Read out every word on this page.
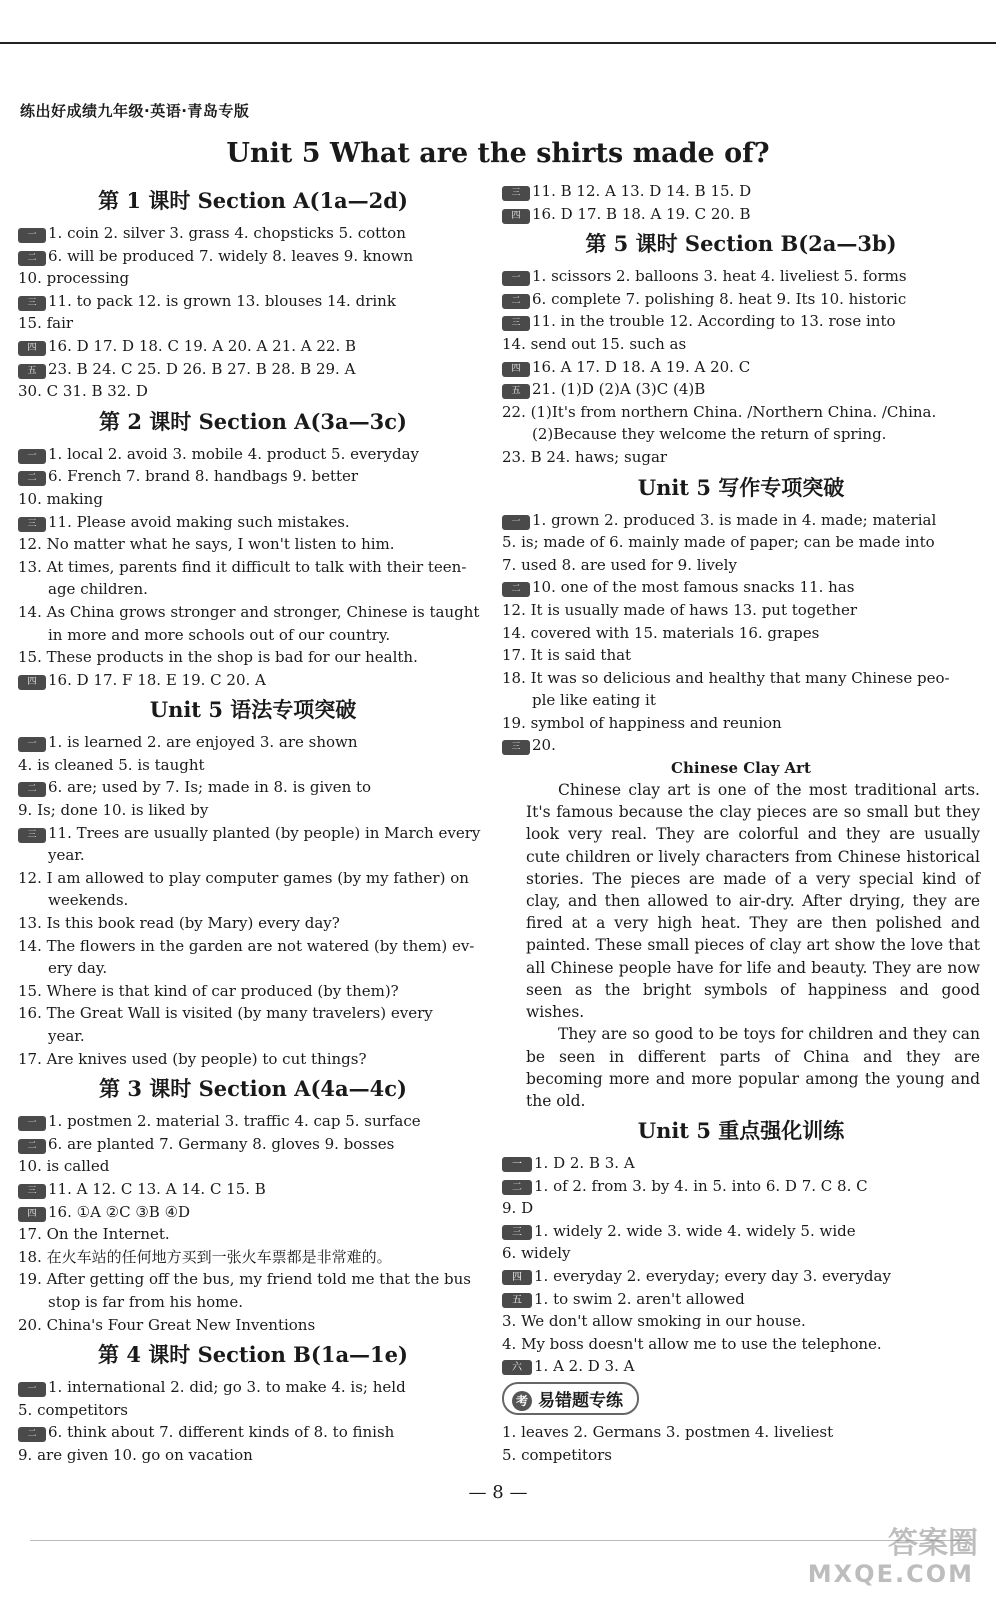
练出好成绩九年级·英语·青岛专版
Unit 5 What are the shirts made of?
第 1 课时 Section A(1a—2d)
一 1. coin 2. silver 3. grass 4. chopsticks 5. cotton
二 6. will be produced 7. widely 8. leaves 9. known
10. processing
三 11. to pack 12. is grown 13. blouses 14. drink
15. fair
四 16. D 17. D 18. C 19. A 20. A 21. A 22. B
五 23. B 24. C 25. D 26. B 27. B 28. B 29. A
30. C 31. B 32. D
第 2 课时 Section A(3a—3c)
一 1. local 2. avoid 3. mobile 4. product 5. everyday
二 6. French 7. brand 8. handbags 9. better
10. making
三 11. Please avoid making such mistakes.
12. No matter what he says, I won't listen to him.
13. At times, parents find it difficult to talk with their teen-
age children.
14. As China grows stronger and stronger, Chinese is taught
in more and more schools out of our country.
15. These products in the shop is bad for our health.
四 16. D 17. F 18. E 19. C 20. A
Unit 5 语法专项突破
一 1. is learned 2. are enjoyed 3. are shown
4. is cleaned 5. is taught
二 6. are; used by 7. Is; made in 8. is given to
9. Is; done 10. is liked by
三 11. Trees are usually planted (by people) in March every
year.
12. I am allowed to play computer games (by my father) on
weekends.
13. Is this book read (by Mary) every day?
14. The flowers in the garden are not watered (by them) ev-
ery day.
15. Where is that kind of car produced (by them)?
16. The Great Wall is visited (by many travelers) every
year.
17. Are knives used (by people) to cut things?
第 3 课时 Section A(4a—4c)
一 1. postmen 2. material 3. traffic 4. cap 5. surface
二 6. are planted 7. Germany 8. gloves 9. bosses
10. is called
三 11. A 12. C 13. A 14. C 15. B
四 16. ①A ②C ③B ④D
17. On the Internet.
18. 在火车站的任何地方买到一张火车票都是非常难的。
19. After getting off the bus, my friend told me that the bus
stop is far from his home.
20. China's Four Great New Inventions
第 4 课时 Section B(1a—1e)
一 1. international 2. did; go 3. to make 4. is; held
5. competitors
二 6. think about 7. different kinds of 8. to finish
9. are given 10. go on vacation
三 11. B 12. A 13. D 14. B 15. D
四 16. D 17. B 18. A 19. C 20. B
第 5 课时 Section B(2a—3b)
一 1. scissors 2. balloons 3. heat 4. liveliest 5. forms
二 6. complete 7. polishing 8. heat 9. Its 10. historic
三 11. in the trouble 12. According to 13. rose into
14. send out 15. such as
四 16. A 17. D 18. A 19. A 20. C
五 21. (1)D (2)A (3)C (4)B
22. (1)It's from northern China. /Northern China. /China.
(2)Because they welcome the return of spring.
23. B 24. haws; sugar
Unit 5 写作专项突破
一 1. grown 2. produced 3. is made in 4. made; material
5. is; made of 6. mainly made of paper; can be made into
7. used 8. are used for 9. lively
二 10. one of the most famous snacks 11. has
12. It is usually made of haws 13. put together
14. covered with 15. materials 16. grapes
17. It is said that
18. It was so delicious and healthy that many Chinese peo-
ple like eating it
19. symbol of happiness and reunion
三 20.
Chinese Clay Art

Chinese clay art is one of the most traditional arts. It's famous because the clay pieces are so small but they look very real. They are colorful and they are usually cute children or lively characters from Chinese historical stories. The pieces are made of a very special kind of clay, and then allowed to air-dry. After drying, they are fired at a very high heat. They are then polished and painted. These small pieces of clay art show the love that all Chinese people have for life and beauty. They are now seen as the bright symbols of happiness and good wishes.

They are so good to be toys for children and they can be seen in different parts of China and they are becoming more and more popular among the young and the old.

Unit 5 重点强化训练
一 1. D 2. B 3. A
二 1. of 2. from 3. by 4. in 5. into 6. D 7. C 8. C
9. D
三 1. widely 2. wide 3. wide 4. widely 5. wide
6. widely
四 1. everyday 2. everyday; every day 3. everyday
五 1. to swim 2. aren't allowed
3. We don't allow smoking in our house.
4. My boss doesn't allow me to use the telephone.
六 1. A 2. D 3. A
考 易错题专练
1. leaves 2. Germans 3. postmen 4. liveliest
5. competitors
— 8 —
答案圈
MXQE.COM
